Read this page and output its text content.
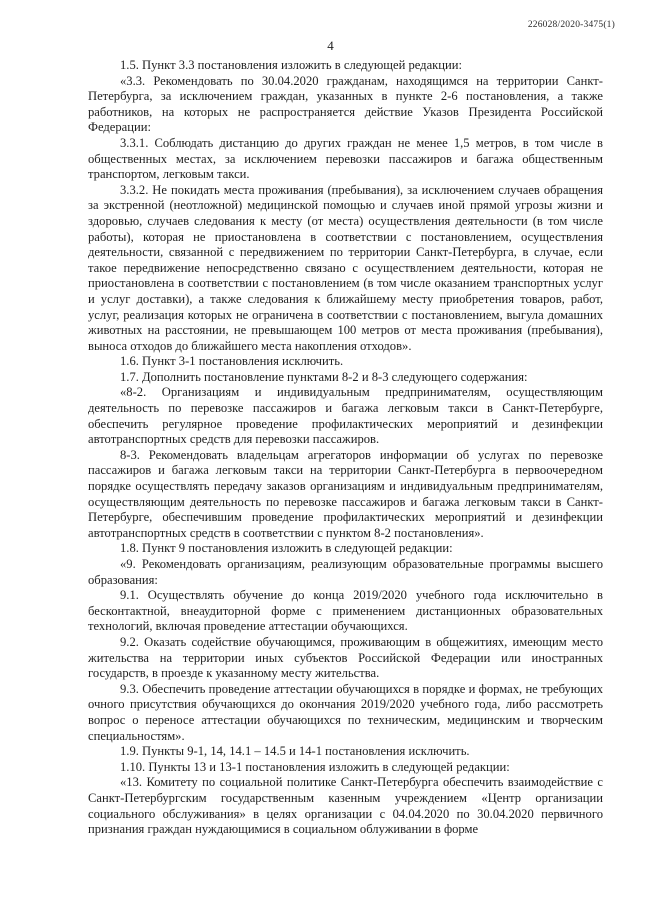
226028/2020-3475(1)
4

1.5. Пункт 3.3 постановления изложить в следующей редакции:

«3.3. Рекомендовать по 30.04.2020 гражданам, находящимся на территории Санкт-Петербурга, за исключением граждан, указанных в пункте 2-6 постановления, а также работников, на которых не распространяется действие Указов Президента Российской Федерации:

3.3.1. Соблюдать дистанцию до других граждан не менее 1,5 метров, в том числе в общественных местах, за исключением перевозки пассажиров и багажа общественным транспортом, легковым такси.

3.3.2. Не покидать места проживания (пребывания), за исключением случаев обращения за экстренной (неотложной) медицинской помощью и случаев иной прямой угрозы жизни и здоровью, случаев следования к месту (от места) осуществления деятельности (в том числе работы), которая не приостановлена в соответствии с постановлением, осуществления деятельности, связанной с передвижением по территории Санкт-Петербурга, в случае, если такое передвижение непосредственно связано с осуществлением деятельности, которая не приостановлена в соответствии с постановлением (в том числе оказанием транспортных услуг и услуг доставки), а также следования к ближайшему месту приобретения товаров, работ, услуг, реализация которых не ограничена в соответствии с постановлением, выгула домашних животных на расстоянии, не превышающем 100 метров от места проживания (пребывания), выноса отходов до ближайшего места накопления отходов».

1.6. Пункт 3-1 постановления исключить.

1.7. Дополнить постановление пунктами 8-2 и 8-3 следующего содержания:

«8-2. Организациям и индивидуальным предпринимателям, осуществляющим деятельность по перевозке пассажиров и багажа легковым такси в Санкт-Петербурге, обеспечить регулярное проведение профилактических мероприятий и дезинфекции автотранспортных средств для перевозки пассажиров.

8-3. Рекомендовать владельцам агрегаторов информации об услугах по перевозке пассажиров и багажа легковым такси на территории Санкт-Петербурга в первоочередном порядке осуществлять передачу заказов организациям и индивидуальным предпринимателям, осуществляющим деятельность по перевозке пассажиров и багажа легковым такси в Санкт-Петербурге, обеспечившим проведение профилактических мероприятий и дезинфекции автотранспортных средств в соответствии с пунктом 8-2 постановления».

1.8. Пункт 9 постановления изложить в следующей редакции:

«9. Рекомендовать организациям, реализующим образовательные программы высшего образования:

9.1. Осуществлять обучение до конца 2019/2020 учебного года исключительно в бесконтактной, внеаудиторной форме с применением дистанционных образовательных технологий, включая проведение аттестации обучающихся.

9.2. Оказать содействие обучающимся, проживающим в общежитиях, имеющим место жительства на территории иных субъектов Российской Федерации или иностранных государств, в проезде к указанному месту жительства.

9.3. Обеспечить проведение аттестации обучающихся в порядке и формах, не требующих очного присутствия обучающихся до окончания 2019/2020 учебного года, либо рассмотреть вопрос о переносе аттестации обучающихся по техническим, медицинским и творческим специальностям».

1.9. Пункты 9-1, 14, 14.1 – 14.5 и 14-1 постановления исключить.

1.10. Пункты 13 и 13-1 постановления изложить в следующей редакции:

«13. Комитету по социальной политике Санкт-Петербурга обеспечить взаимодействие с Санкт-Петербургским государственным казенным учреждением «Центр организации социального обслуживания» в целях организации с 04.04.2020 по 30.04.2020 первичного признания граждан нуждающимися в социальном облуживании в форме
